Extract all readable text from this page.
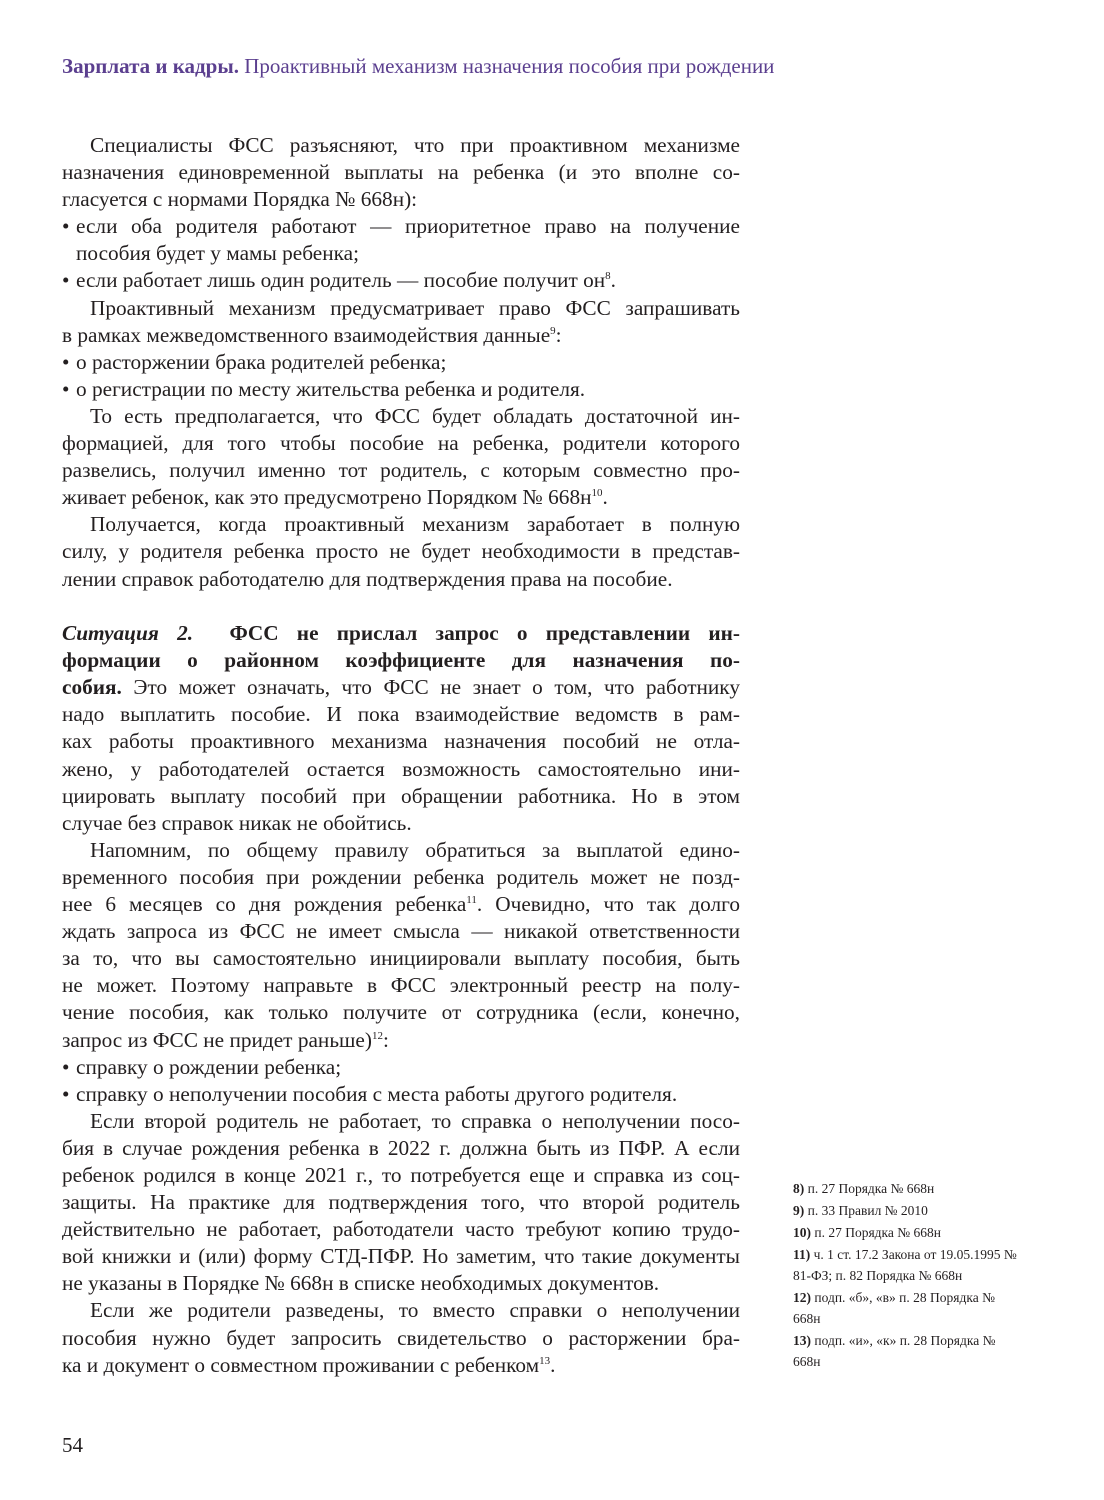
Зарплата и кадры. Проактивный механизм назначения пособия при рождении
Специалисты ФСС разъясняют, что при проактивном механизме
назначения единовременной выплаты на ребенка (и это вполне со-
гласуется с нормами Порядка № 668н):
• если оба родителя работают — приоритетное право на получение
пособия будет у мамы ребенка;
• если работает лишь один родитель — пособие получит $он^8$.
Проактивный механизм предусматривает право ФСС запрашивать
в рамках межведомственного взаимодействия данные$^9$:
• о расторжении брака родителей ребенка;
• о регистрации по месту жительства ребенка и родителя.
То есть предполагается, что ФСС будет обладать достаточной ин-
формацией, для того чтобы пособие на ребенка, родители которого
развелись, получил именно тот родитель, с которым совместно про-
живает ребенок, как это предусмотрено Порядком № $668н^{10}$.
Получается, когда проактивный механизм заработает в полную
силу, у родителя ребенка просто не будет необходимости в представ-
лении справок работодателю для подтверждения права на пособие.
Ситуация 2.  ФСС не прислал запрос о представлении ин-
формации о районном коэффициенте для назначения по-
собия. Это может означать, что ФСС не знает о том, что работнику
надо выплатить пособие. И пока взаимодействие ведомств в рам-
ках работы проактивного механизма назначения пособий не отла-
жено, у работодателей остается возможность самостоятельно ини-
циировать выплату пособий при обращении работника. Но в этом
случае без справок никак не обойтись.
Напомним, по общему правилу обратиться за выплатой едино-
временного пособия при рождении ребенка родитель может не позд-
нее 6 месяцев со дня рождения ребенка$^{11}$. Очевидно, что так долго
ждать запроса из ФСС не имеет смысла — никакой ответственности
за то, что вы самостоятельно инициировали выплату пособия, быть
не может. Поэтому направьте в ФСС электронный реестр на полу-
чение пособия, как только получите от сотрудника (если, конечно,
запрос из ФСС не придет раньше)$^{12}$:
• справку о рождении ребенка;
• справку о неполучении пособия с места работы другого родителя.
Если второй родитель не работает, то справка о неполучении посо-
бия в случае рождения ребенка в 2022 г. должна быть из ПФР. А если
ребенок родился в конце 2021 г., то потребуется еще и справка из соц-
защиты. На практике для подтверждения того, что второй родитель
действительно не работает, работодатели часто требуют копию трудо-
вой книжки и (или) форму СТД-ПФР. Но заметим, что такие документы
не указаны в Порядке № 668н в списке необходимых документов.
Если же родители разведены, то вместо справки о неполучении
пособия нужно будет запросить свидетельство о расторжении бра-
ка и документ о совместном проживании с ребенком$^{13}$.
8) п. 27 Порядка № 668н
9) п. 33 Правил № 2010
10) п. 27 Порядка № 668н
11) ч. 1 ст. 17.2 Закона от 19.05.1995 № 81-ФЗ; п. 82 Порядка № 668н
12) подп. «б», «в» п. 28 Порядка № 668н
13) подп. «и», «к» п. 28 Порядка № 668н
54
